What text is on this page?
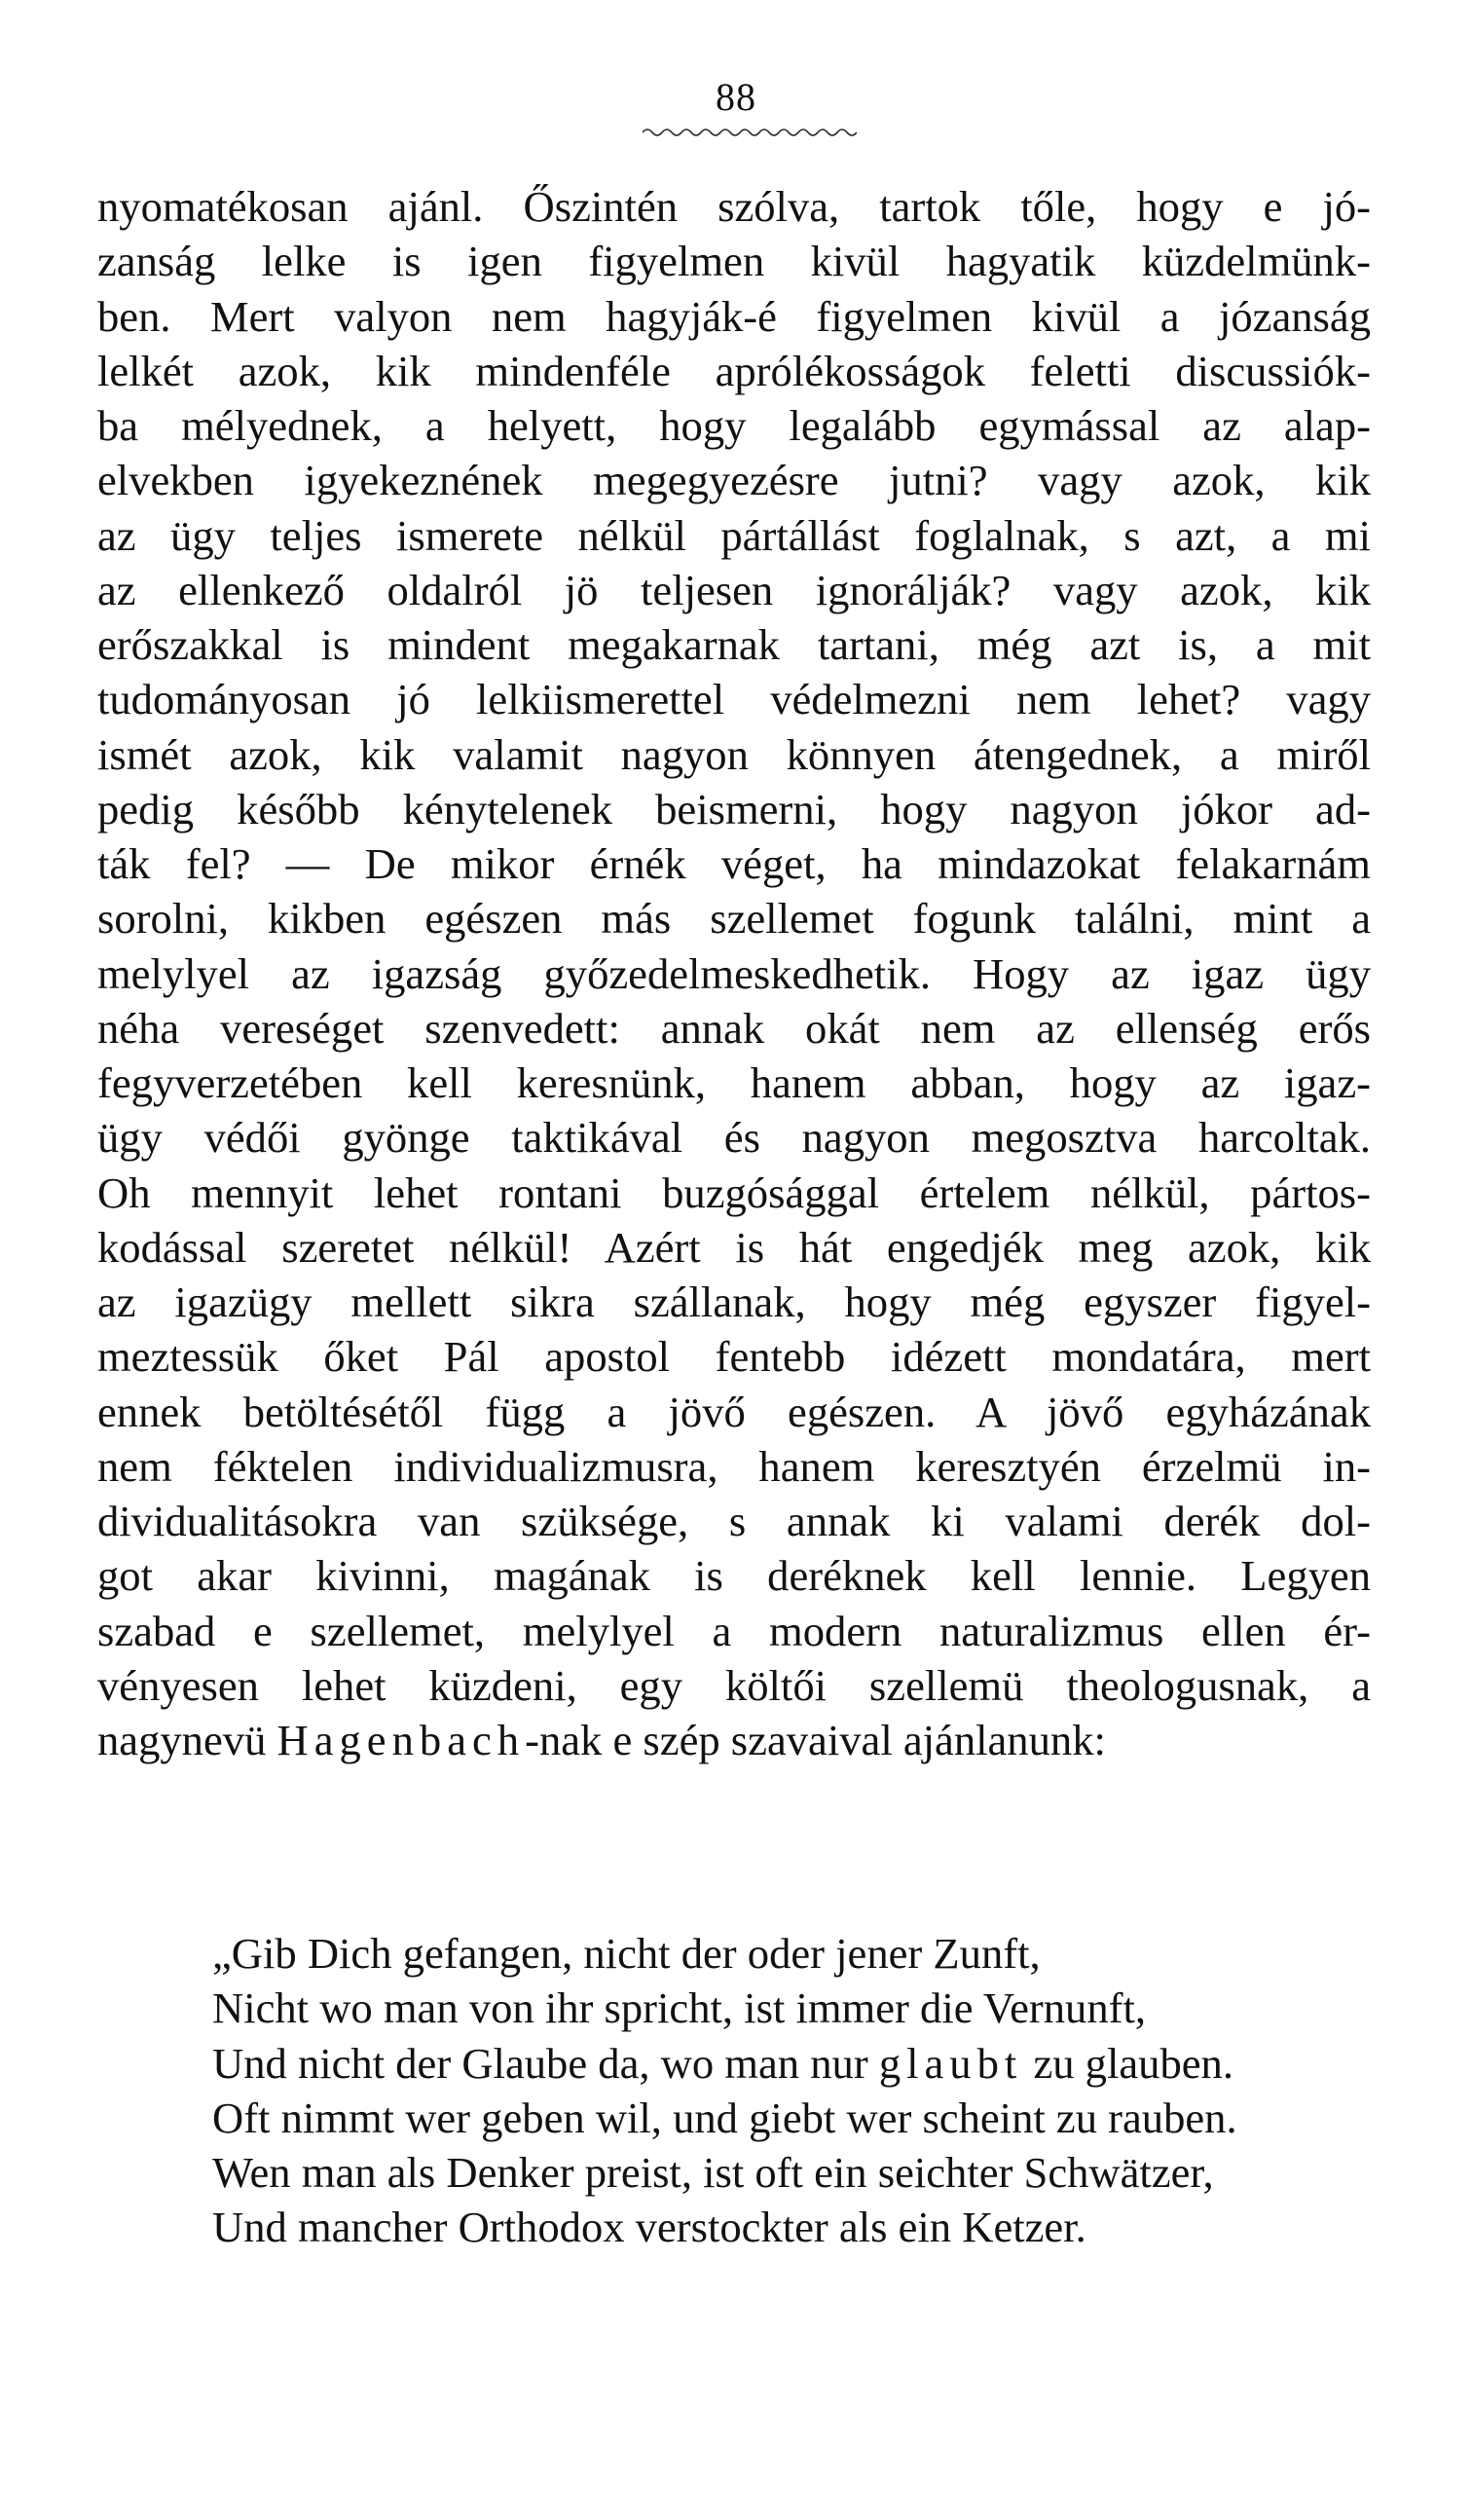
88
nyomatékosan ajánl. Őszintén szólva, tartok tőle, hogy e jó-
zanság lelke is igen figyelmen kivül hagyatik küzdelmünk-
ben. Mert valyon nem hagyják-é figyelmen kivül a józanság
lelkét azok, kik mindenféle aprólékosságok feletti discussiók-
ba mélyednek, a helyett, hogy legalább egymással az alap-
elvekben igyekeznének megegyezésre jutni? vagy azok, kik
az ügy teljes ismerete nélkül pártállást foglalnak, s azt, a mi
az ellenkező oldalról jö teljesen ignorálják? vagy azok, kik
erőszakkal is mindent megakarnak tartani, még azt is, a mit
tudományosan jó lelkiismerettel védelmezni nem lehet? vagy
ismét azok, kik valamit nagyon könnyen átengednek, a miről
pedig később kénytelenek beismerni, hogy nagyon jókor ad-
ták fel? — De mikor érnék véget, ha mindazokat felakarnám
sorolni, kikben egészen más szellemet fogunk találni, mint a
melylyel az igazság győzedelmeskedhetik. Hogy az igaz ügy
néha vereséget szenvedett: annak okát nem az ellenség erős
fegyverzetében kell keresnünk, hanem abban, hogy az igaz-
ügy védői gyönge taktikával és nagyon megosztva harcoltak.
Oh mennyit lehet rontani buzgósággal értelem nélkül, pártos-
kodással szeretet nélkül! Azért is hát engedjék meg azok, kik
az igazügy mellett sikra szállanak, hogy még egyszer figyel-
meztessük őket Pál apostol fentebb idézett mondatára, mert
ennek betöltésétől függ a jövő egészen. A jövő egyházának
nem féktelen individualizmusra, hanem keresztyén érzelmü in-
dividualitásokra van szüksége, s annak ki valami derék dol-
got akar kivinni, magának is deréknek kell lennie. Legyen
szabad e szellemet, melylyel a modern naturalizmus ellen ér-
vényesen lehet küzdeni, egy költői szellemü theologusnak, a
nagynevü Hagenbach-nak e szép szavaival ajánlanunk:
„Gib Dich gefangen, nicht der oder jener Zunft,
Nicht wo man von ihr spricht, ist immer die Vernunft,
Und nicht der Glaube da, wo man nur glaubt zu glauben.
Oft nimmt wer geben wil, und giebt wer scheint zu rauben.
Wen man als Denker preist, ist oft ein seichter Schwätzer,
Und mancher Orthodox verstockter als ein Ketzer.
